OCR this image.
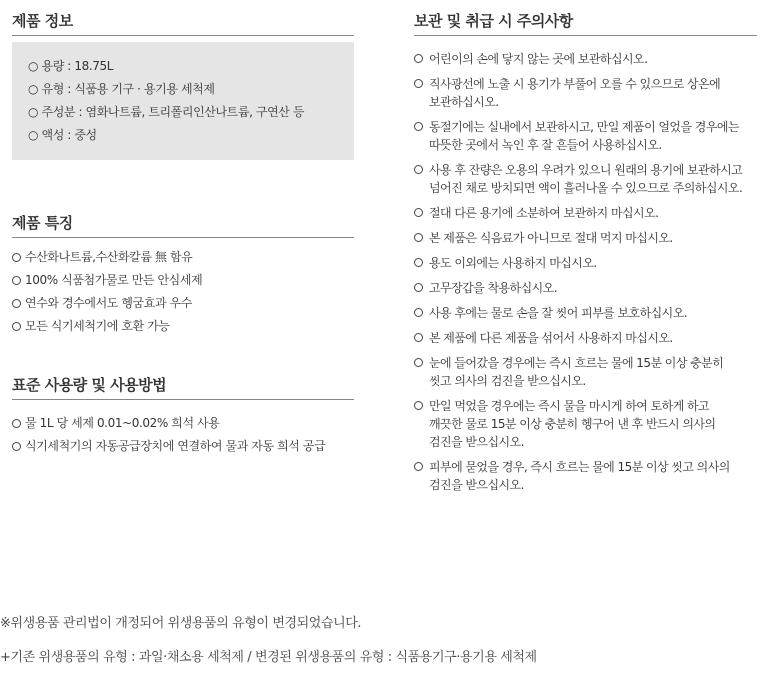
제품 정보
○ 용량 : 18.75L
○ 유형 : 식품용 기구 · 용기용 세척제
○ 주성분 : 염화나트륨, 트리폴리인산나트륨, 구연산 등
○ 액성 : 중성
제품 특징
수산화나트륨,수산화칼륨 無 함유
100% 식품첨가물로 만든 안심세제
연수와 경수에서도 헹굼효과 우수
모든 식기세척기에 호환 가능
표준 사용량 및 사용방법
물 1L 당 세제 0.01~0.02% 희석 사용
식기세척기의 자동공급장치에 연결하여 물과 자동 희석 공급
보관 및 취급 시 주의사항
어린이의 손에 닿지 않는 곳에 보관하십시오.
직사광선에 노출 시 용기가 부풀어 오를 수 있으므로 상온에
보관하십시오.
동절기에는 실내에서 보관하시고, 만일 제품이 얼었을 경우에는
따뜻한 곳에서 녹인 후 잘 흔들어 사용하십시오.
사용 후 잔량은 오용의 우려가 있으니 원래의 용기에 보관하시고
넘어진 채로 방치되면 액이 흘러나올 수 있으므로 주의하십시오.
절대 다른 용기에 소분하여 보관하지 마십시오.
본 제품은 식음료가 아니므로 절대 먹지 마십시오.
용도 이외에는 사용하지 마십시오.
고무장갑을 착용하십시오.
사용 후에는 물로 손을 잘 씻어 피부를 보호하십시오.
본 제품에 다른 제품을 섞어서 사용하지 마십시오.
눈에 들어갔을 경우에는 즉시 흐르는 물에 15분 이상 충분히
씻고 의사의 검진을 받으십시오.
만일 먹었을 경우에는 즉시 물을 마시게 하여 토하게 하고
깨끗한 물로 15분 이상 충분히 헹구어 낸 후 반드시 의사의
검진을 받으십시오.
피부에 묻었을 경우, 즉시 흐르는 물에 15분 이상 씻고 의사의
검진을 받으십시오.
※위생용품 관리법이 개정되어 위생용품의 유형이 변경되었습니다.
+기존 위생용품의 유형 : 과일·채소용 세척제 / 변경된 위생용품의 유형 : 식품용기구·용기용 세척제
